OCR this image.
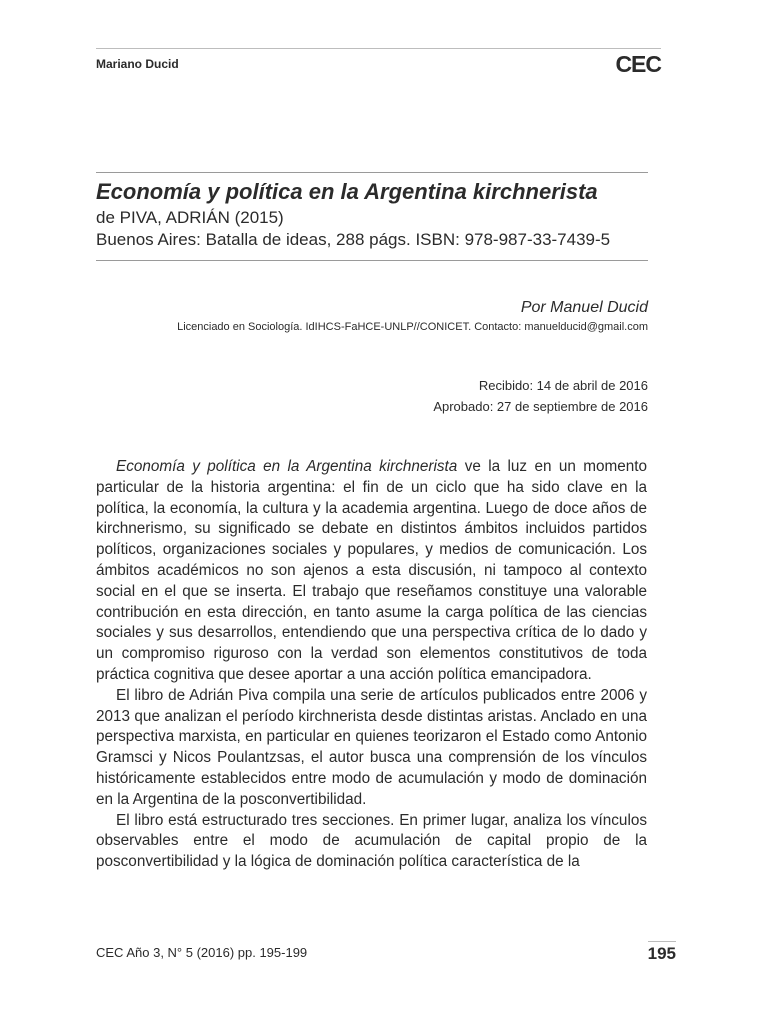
Mariano Ducid	CEC
Economía y política en la Argentina kirchnerista
de PIVA, ADRIÁN (2015)
Buenos Aires: Batalla de ideas, 288 págs. ISBN: 978-987-33-7439-5
Por Manuel Ducid
Licenciado en Sociología. IdIHCS-FaHCE-UNLP//CONICET. Contacto: manuelducid@gmail.com
Recibido: 14 de abril de 2016
Aprobado: 27 de septiembre de 2016

Economía y política en la Argentina kirchnerista ve la luz en un momento particular de la historia argentina: el fin de un ciclo que ha sido clave en la política, la economía, la cultura y la academia argentina. Luego de doce años de kirchnerismo, su significado se debate en distintos ámbitos incluidos partidos políticos, organizaciones sociales y populares, y medios de comunicación. Los ámbitos académicos no son ajenos a esta discusión, ni tampoco al contexto social en el que se inserta. El trabajo que reseñamos constituye una valorable contribución en esta dirección, en tanto asume la carga política de las ciencias sociales y sus desarrollos, entendiendo que una perspectiva crítica de lo dado y un compromiso riguroso con la verdad son elementos constitutivos de toda práctica cognitiva que desee aportar a una acción política emancipadora.

El libro de Adrián Piva compila una serie de artículos publicados entre 2006 y 2013 que analizan el período kirchnerista desde distintas aristas. Anclado en una perspectiva marxista, en particular en quienes teorizaron el Estado como Antonio Gramsci y Nicos Poulantzsas, el autor busca una comprensión de los vínculos históricamente establecidos entre modo de acumulación y modo de dominación en la Argentina de la posconvertibilidad.

El libro está estructurado tres secciones. En primer lugar, analiza los vínculos observables entre el modo de acumulación de capital propio de la posconvertibilidad y la lógica de dominación política característica de la

CEC Año 3, N° 5 (2016) pp. 195-199	195
